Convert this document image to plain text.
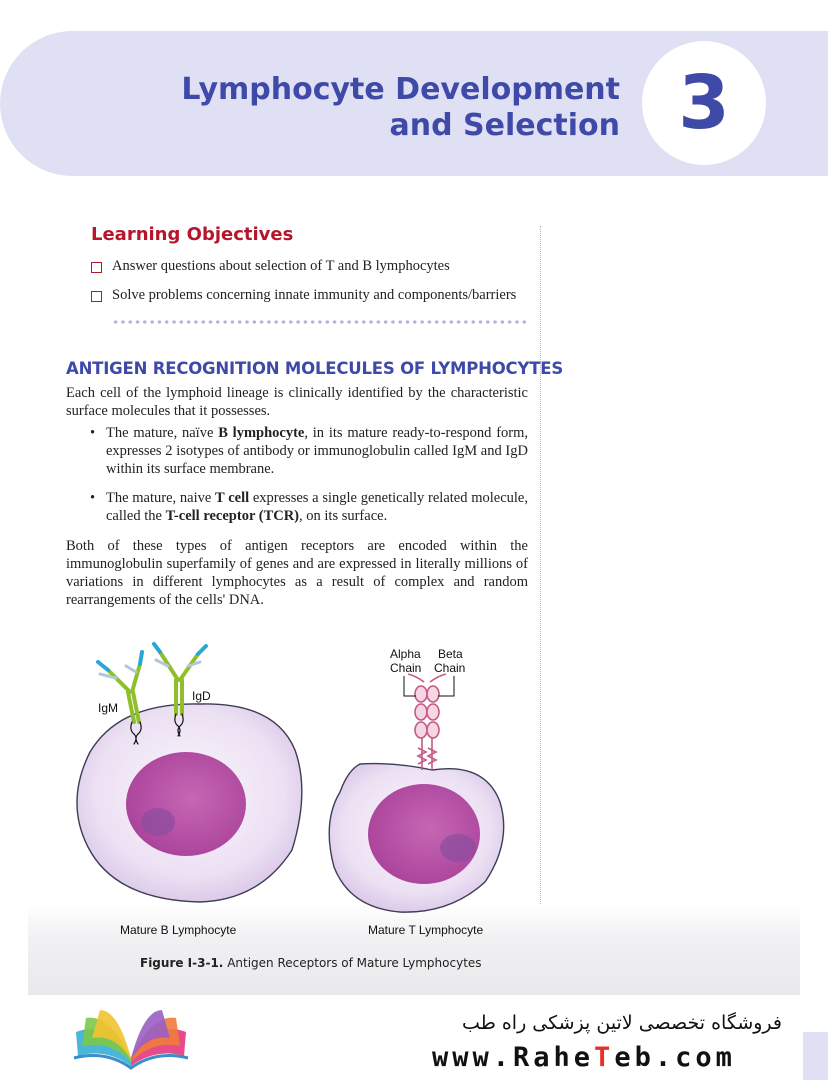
Lymphocyte Development
and Selection 3
Learning Objectives
Answer questions about selection of T and B lymphocytes
Solve problems concerning innate immunity and components/barriers
ANTIGEN RECOGNITION MOLECULES OF LYMPHOCYTES

Each cell of the lymphoid lineage is clinically identified by the characteristic surface molecules that it possesses.

• The mature, naïve B lymphocyte, in its mature ready-to-respond form, expresses 2 isotypes of antibody or immunoglobulin called IgM and IgD within its surface membrane.
• The mature, naive T cell expresses a single genetically related molecule, called the T-cell receptor (TCR), on its surface.

Both of these types of antigen receptors are encoded within the immunoglobulin superfamily of genes and are expressed in literally millions of variations in different lymphocytes as a result of complex and random rearrangements of the cells' DNA.

IgM
IgD
Alpha
Chain
Beta
Chain
Mature B Lymphocyte	Mature T Lymphocyte
Figure I-3-1. Antigen Receptors of Mature Lymphocytes
فروشگاه تخصصی لاتین پزشکی راه طب
www.RaheTeb.com
